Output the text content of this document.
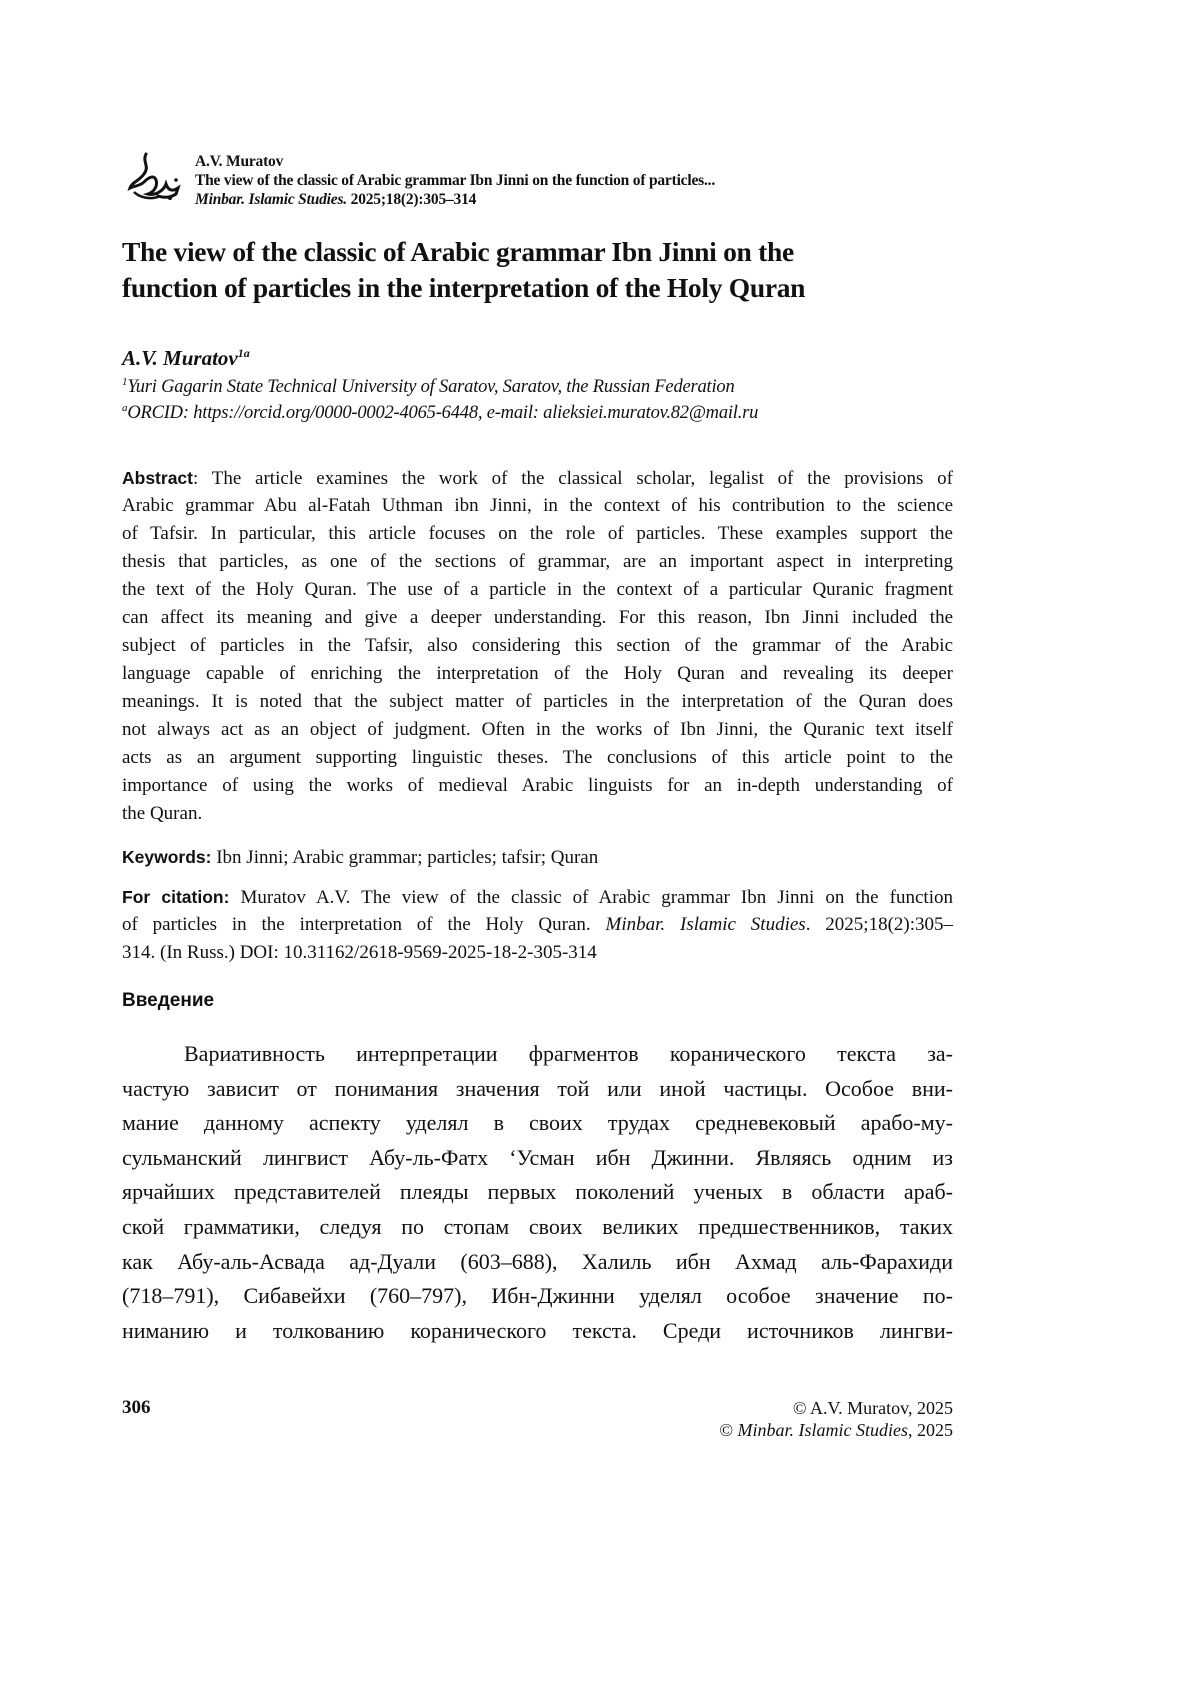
A.V. Muratov
The view of the classic of Arabic grammar Ibn Jinni on the function of particles...
Minbar. Islamic Studies. 2025;18(2):305–314
The view of the classic of Arabic grammar Ibn Jinni on the
function of particles in the interpretation of the Holy Quran
A.V. Muratov1a
1Yuri Gagarin State Technical University of Saratov, Saratov, the Russian Federation
aORCID: https://orcid.org/0000-0002-4065-6448, e-mail: alieksiei.muratov.82@mail.ru
Abstract: The article examines the work of the classical scholar, legalist of the provisions of
Arabic grammar Abu al-Fatah Uthman ibn Jinni, in the context of his contribution to the science
of Tafsir. In particular, this article focuses on the role of particles. These examples support the
thesis that particles, as one of the sections of grammar, are an important aspect in interpreting
the text of the Holy Quran. The use of a particle in the context of a particular Quranic fragment
can affect its meaning and give a deeper understanding. For this reason, Ibn Jinni included the
subject of particles in the Tafsir, also considering this section of the grammar of the Arabic
language capable of enriching the interpretation of the Holy Quran and revealing its deeper
meanings. It is noted that the subject matter of particles in the interpretation of the Quran does
not always act as an object of judgment. Often in the works of Ibn Jinni, the Quranic text itself
acts as an argument supporting linguistic theses. The conclusions of this article point to the
importance of using the works of medieval Arabic linguists for an in-depth understanding of
the Quran.
Keywords: Ibn Jinni; Arabic grammar; particles; tafsir; Quran
For citation: Muratov A.V. The view of the classic of Arabic grammar Ibn Jinni on the function
of particles in the interpretation of the Holy Quran. Minbar. Islamic Studies. 2025;18(2):305–
314. (In Russ.) DOI: 10.31162/2618-9569-2025-18-2-305-314
Введение
Вариативность интерпретации фрагментов коранического текста за-
частую зависит от понимания значения той или иной частицы. Особое вни-
мание данному аспекту уделял в своих трудах средневековый арабо-му-
сульманский лингвист Абу-ль-Фатх ‘Усман ибн Джинни. Являясь одним из
ярчайших представителей плеяды первых поколений ученых в области араб-
ской грамматики, следуя по стопам своих великих предшественников, таких
как Абу-аль-Асвада ад-Дуали (603–688), Халиль ибн Ахмад аль-Фарахиди
(718–791), Сибавейхи (760–797), Ибн-Джинни уделял особое значение по-
ниманию и толкованию коранического текста. Среди источников лингви-
306	© A.V. Muratov, 2025
© Minbar. Islamic Studies, 2025
